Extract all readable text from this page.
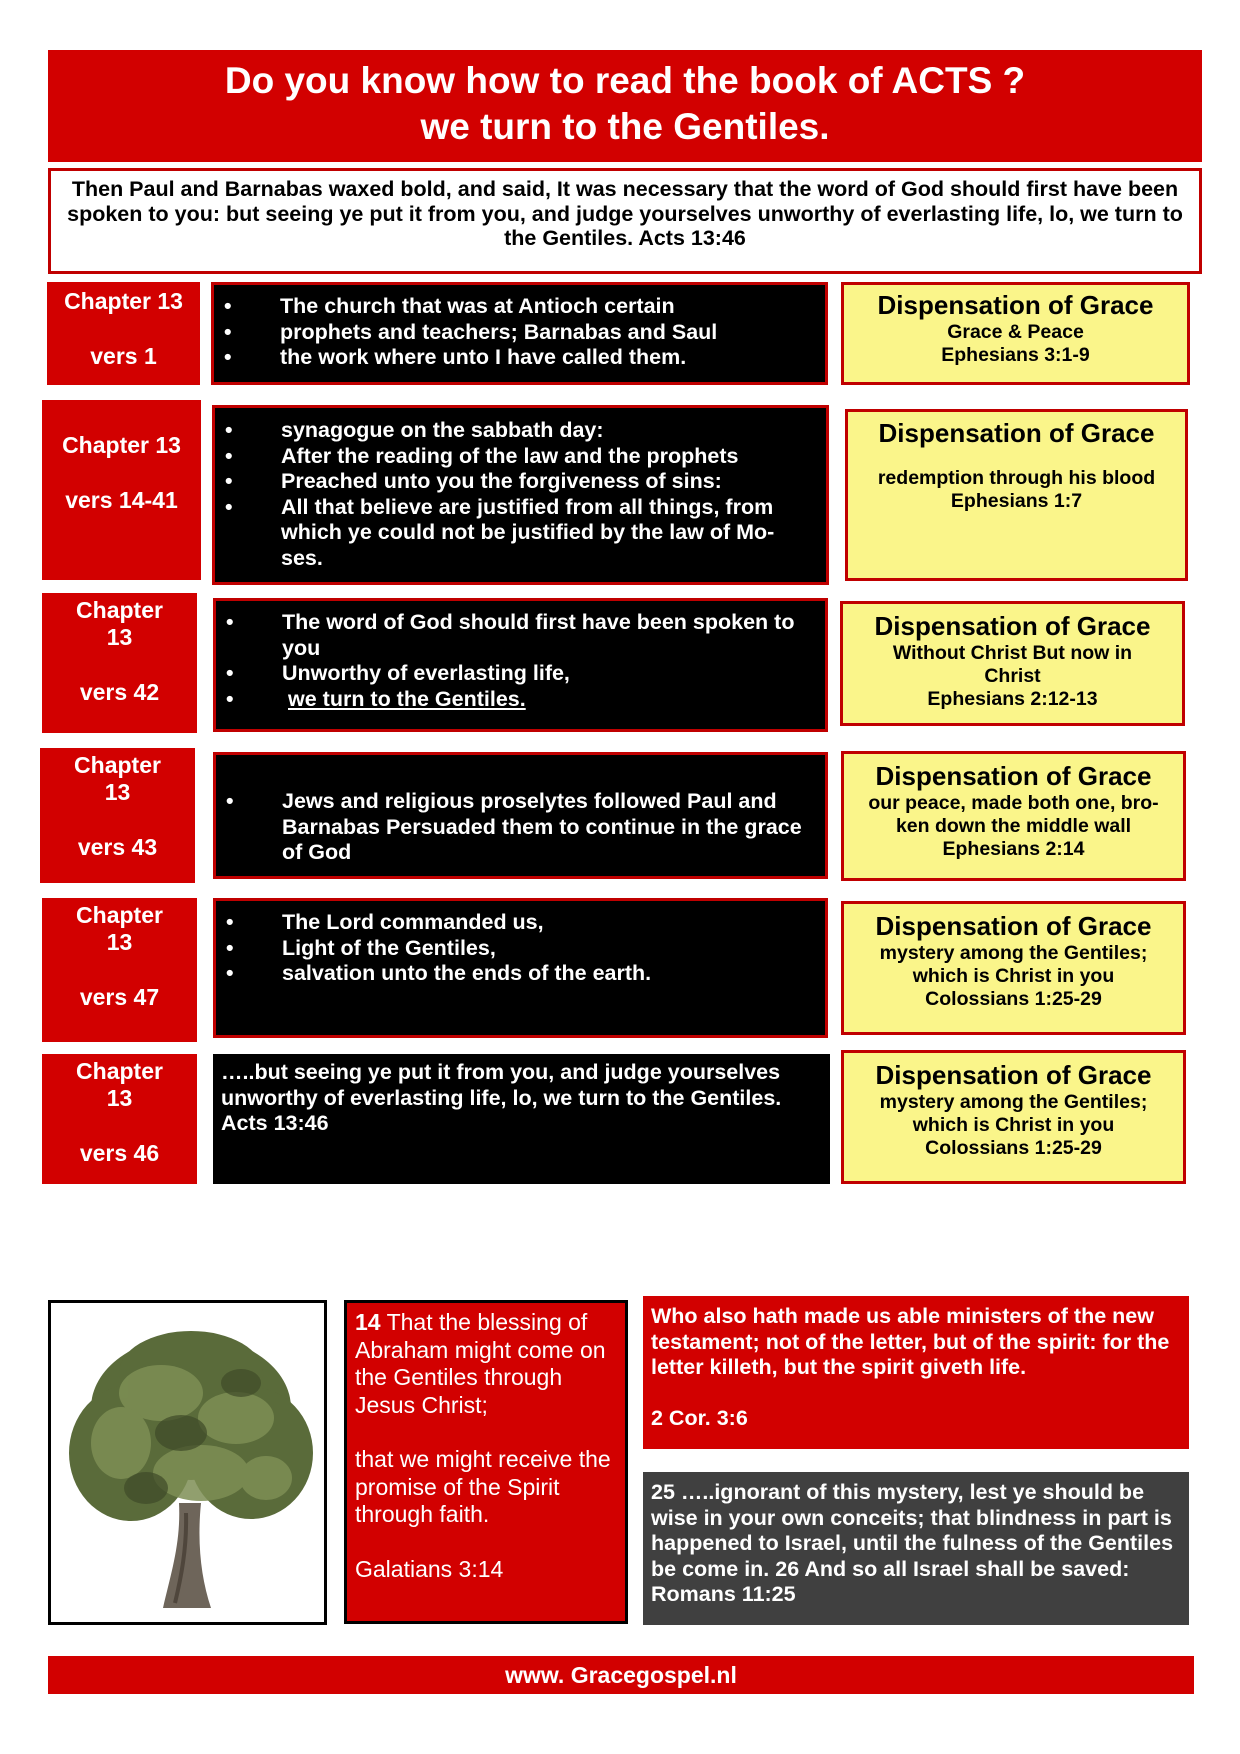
Do you know how to read the book of ACTS ?
we turn to the Gentiles.
Then Paul and Barnabas waxed bold, and said, It was necessary that the word of God should first have been spoken to you: but seeing ye put it from you, and judge yourselves unworthy of everlasting life, lo, we turn to the Gentiles. Acts 13:46
Chapter 13
vers 1
• The church that was at Antioch certain
• prophets and teachers; Barnabas and Saul
• the work where unto I have called them.
Dispensation of Grace
Grace & Peace
Ephesians 3:1-9
Chapter 13
vers 14-41
• synagogue on the sabbath day:
• After the reading of the law and the prophets
• Preached unto you the forgiveness of sins:
• All that believe are justified from all things, from which ye could not be justified by the law of Mo-ses.
Dispensation of Grace
redemption through his blood
Ephesians 1:7
Chapter
13
vers 42
• The word of God should first have been spoken to you
• Unworthy of everlasting life,
• we turn to the Gentiles.
Dispensation of Grace
Without Christ But now in
Christ
Ephesians 2:12-13
Chapter
13
vers 43
• Jews and religious proselytes followed Paul and Barnabas Persuaded them to continue in the grace of God
Dispensation of Grace
our peace, made both one, bro-
ken down the middle wall
Ephesians 2:14
Chapter
13
vers 47
• The Lord commanded us,
• Light of the Gentiles,
• salvation unto the ends of the earth.
Dispensation of Grace
mystery among the Gentiles;
which is Christ in you
Colossians 1:25-29
Chapter
13
vers 46
…..but seeing ye put it from you, and judge yourselves unworthy of everlasting life, lo, we turn to the Gentiles. Acts 13:46
Dispensation of Grace
mystery among the Gentiles;
which is Christ in you
Colossians 1:25-29
14 That the blessing of Abraham might come on the Gentiles through Jesus Christ;
that we might receive the promise of the Spirit through faith.
Galatians 3:14
Who also hath made us able ministers of the new testament; not of the letter, but of the spirit: for the letter killeth, but the spirit giveth life.
2 Cor. 3:6
25 …..ignorant of this mystery, lest ye should be wise in your own conceits; that blindness in part is happened to Israel, until the fulness of the Gentiles be come in. 26 And so all Israel shall be saved: Romans 11:25
www. Gracegospel.nl
